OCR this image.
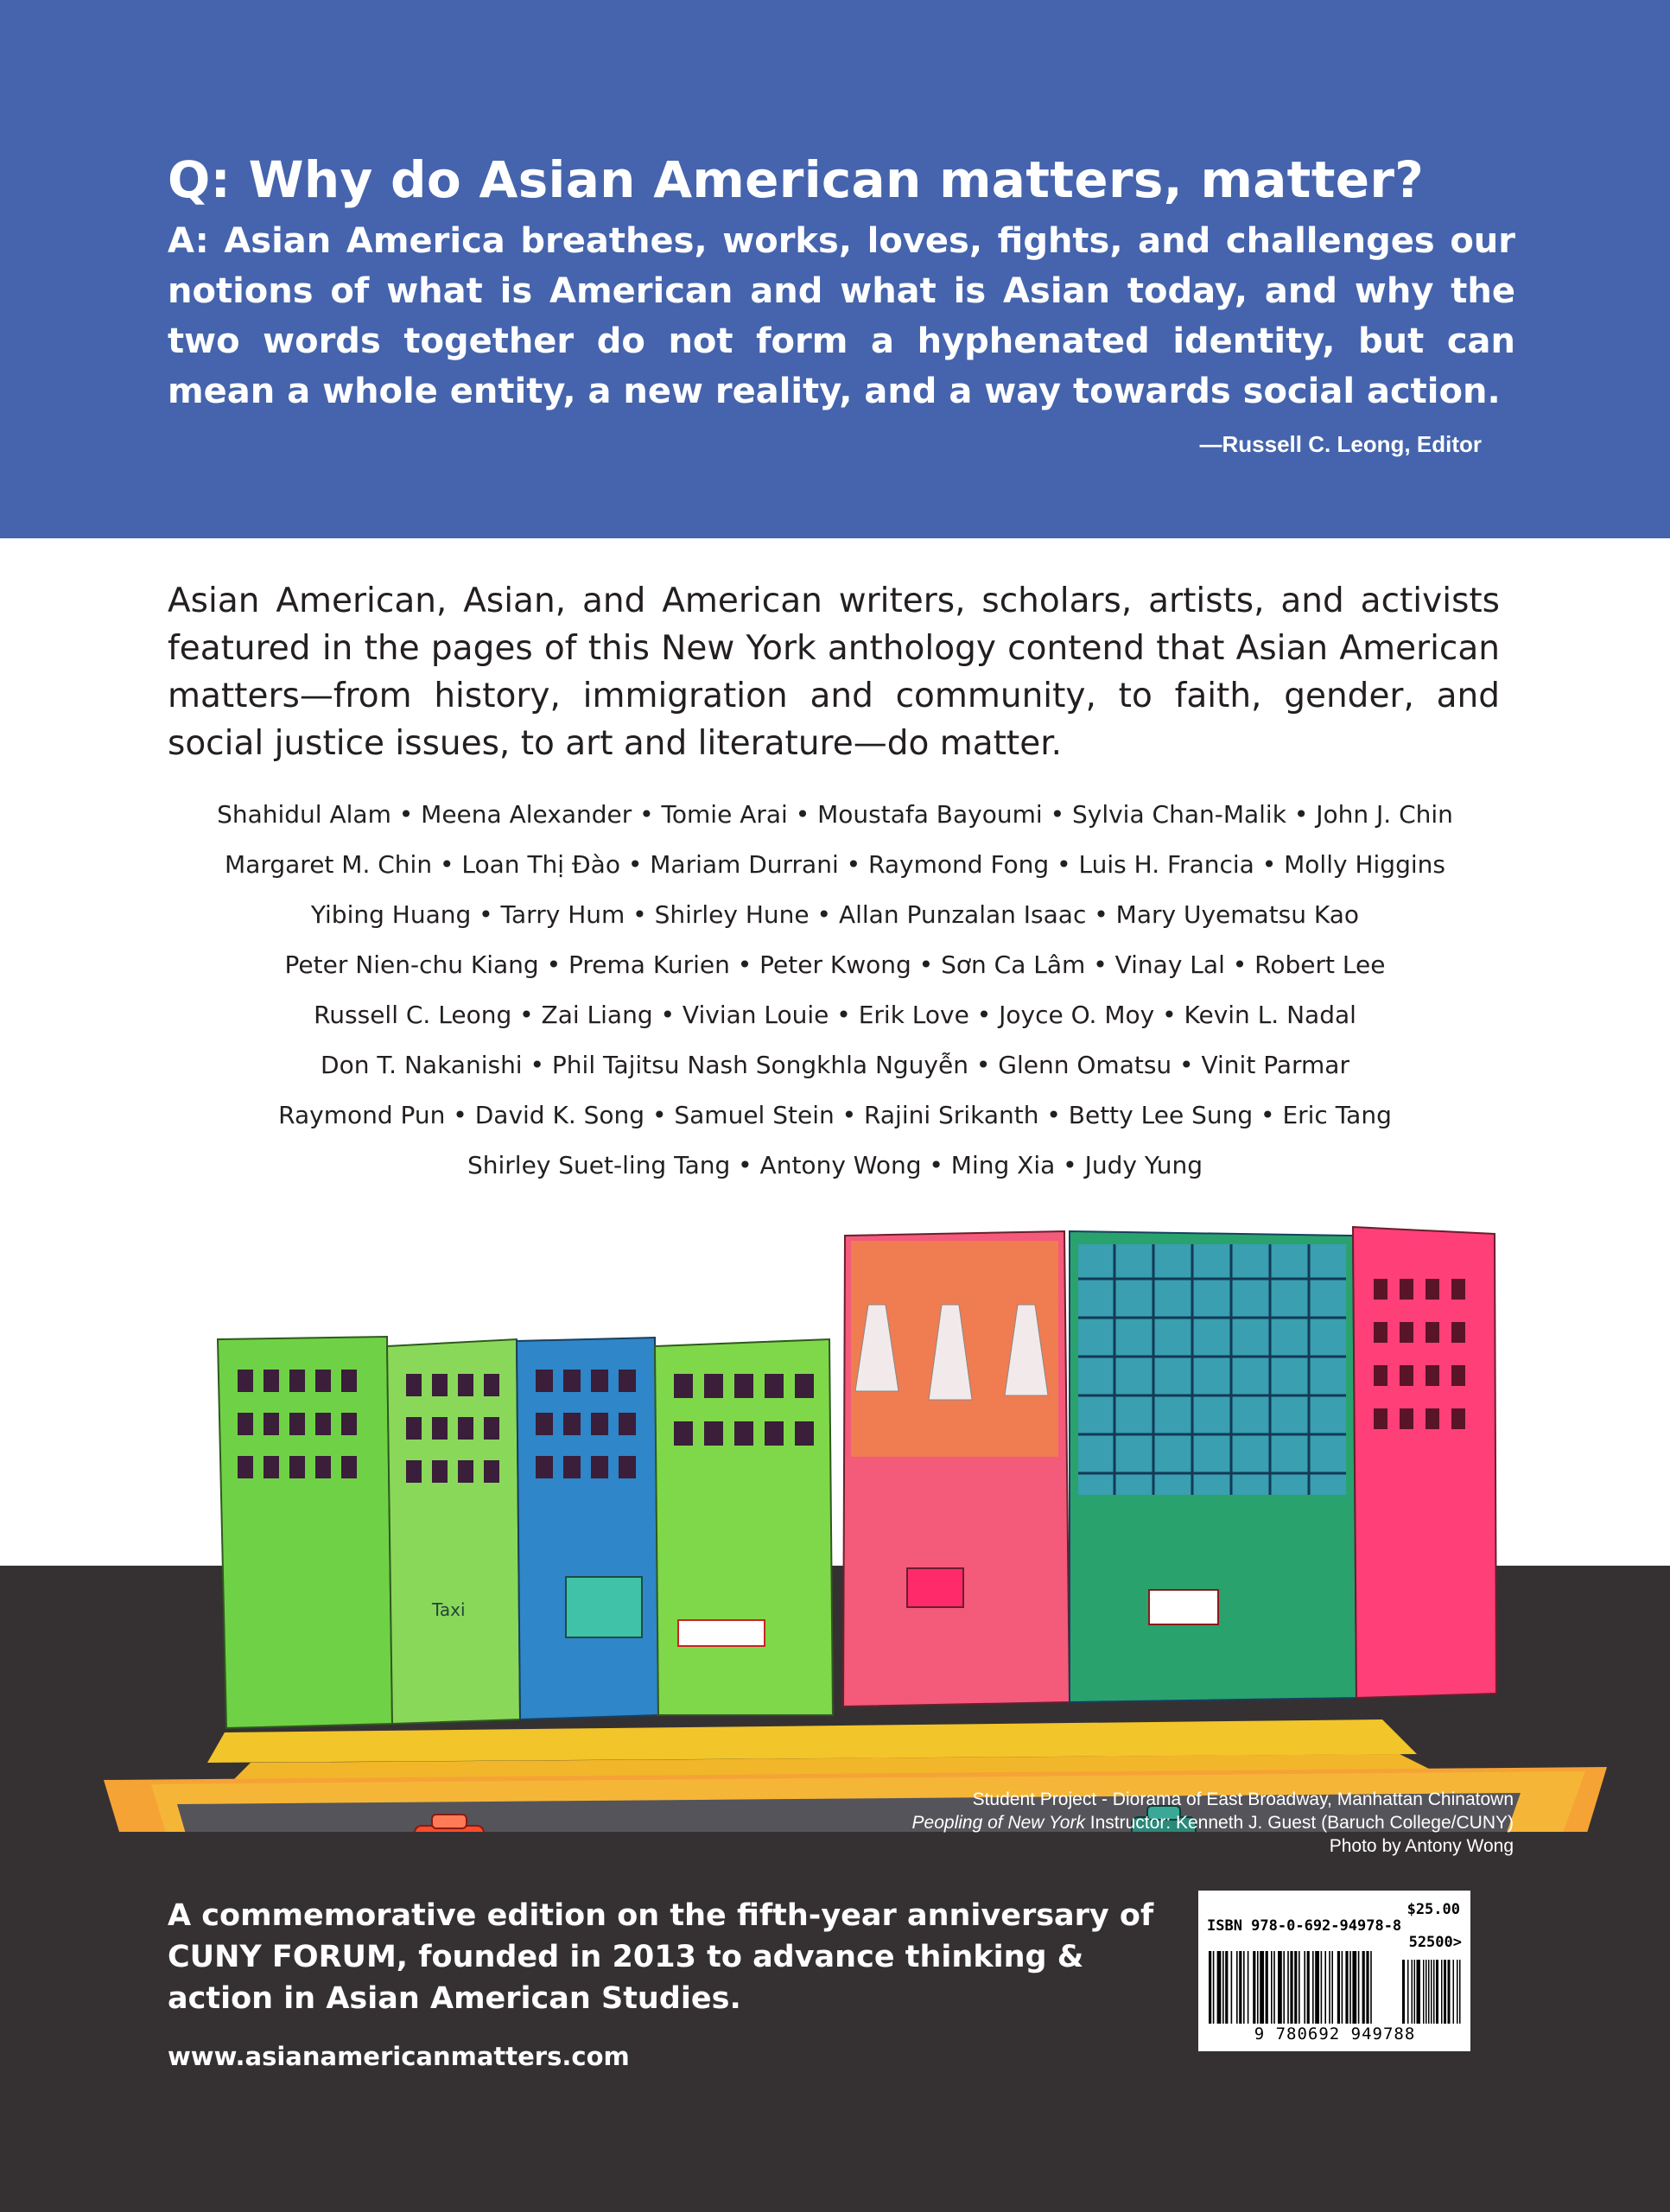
Q: Why do Asian American matters, matter?

A: Asian America breathes, works, loves, fights, and challenges our notions of what is American and what is Asian today, and why the two words together do not form a hyphenated identity, but can mean a whole entity, a new reality, and a way towards social action.

—Russell C. Leong, Editor

Asian American, Asian, and American writers, scholars, artists, and activists featured in the pages of this New York anthology contend that Asian American matters—from history, immigration and community, to faith, gender, and social justice issues, to art and literature—do matter.

Shahidul Alam • Meena Alexander • Tomie Arai • Moustafa Bayoumi • Sylvia Chan-Malik • John J. Chin
Margaret M. Chin • Loan Thị Đào • Mariam Durrani • Raymond Fong • Luis H. Francia • Molly Higgins
Yibing Huang • Tarry Hum • Shirley Hune • Allan Punzalan Isaac • Mary Uyematsu Kao
Peter Nien-chu Kiang • Prema Kurien • Peter Kwong • Sơn Ca Lâm • Vinay Lal • Robert Lee
Russell C. Leong • Zai Liang • Vivian Louie • Erik Love • Joyce O. Moy • Kevin L. Nadal
Don T. Nakanishi • Phil Tajitsu Nash Songkhla Nguyễn • Glenn Omatsu • Vinit Parmar
Raymond Pun • David K. Song • Samuel Stein • Rajini Srikanth • Betty Lee Sung • Eric Tang
Shirley Suet-ling Tang • Antony Wong • Ming Xia • Judy Yung
Taxi
Student Project - Diorama of East Broadway, Manhattan Chinatown
Peopling of New York Instructor: Kenneth J. Guest (Baruch College/CUNY)
Photo by Antony Wong

A commemorative edition on the fifth-year anniversary of CUNY FORUM, founded in 2013 to advance thinking & action in Asian American Studies.

www.asianamericanmatters.com
$25.00
ISBN 978-0-692-94978-8
52500>
9 780692 949788
